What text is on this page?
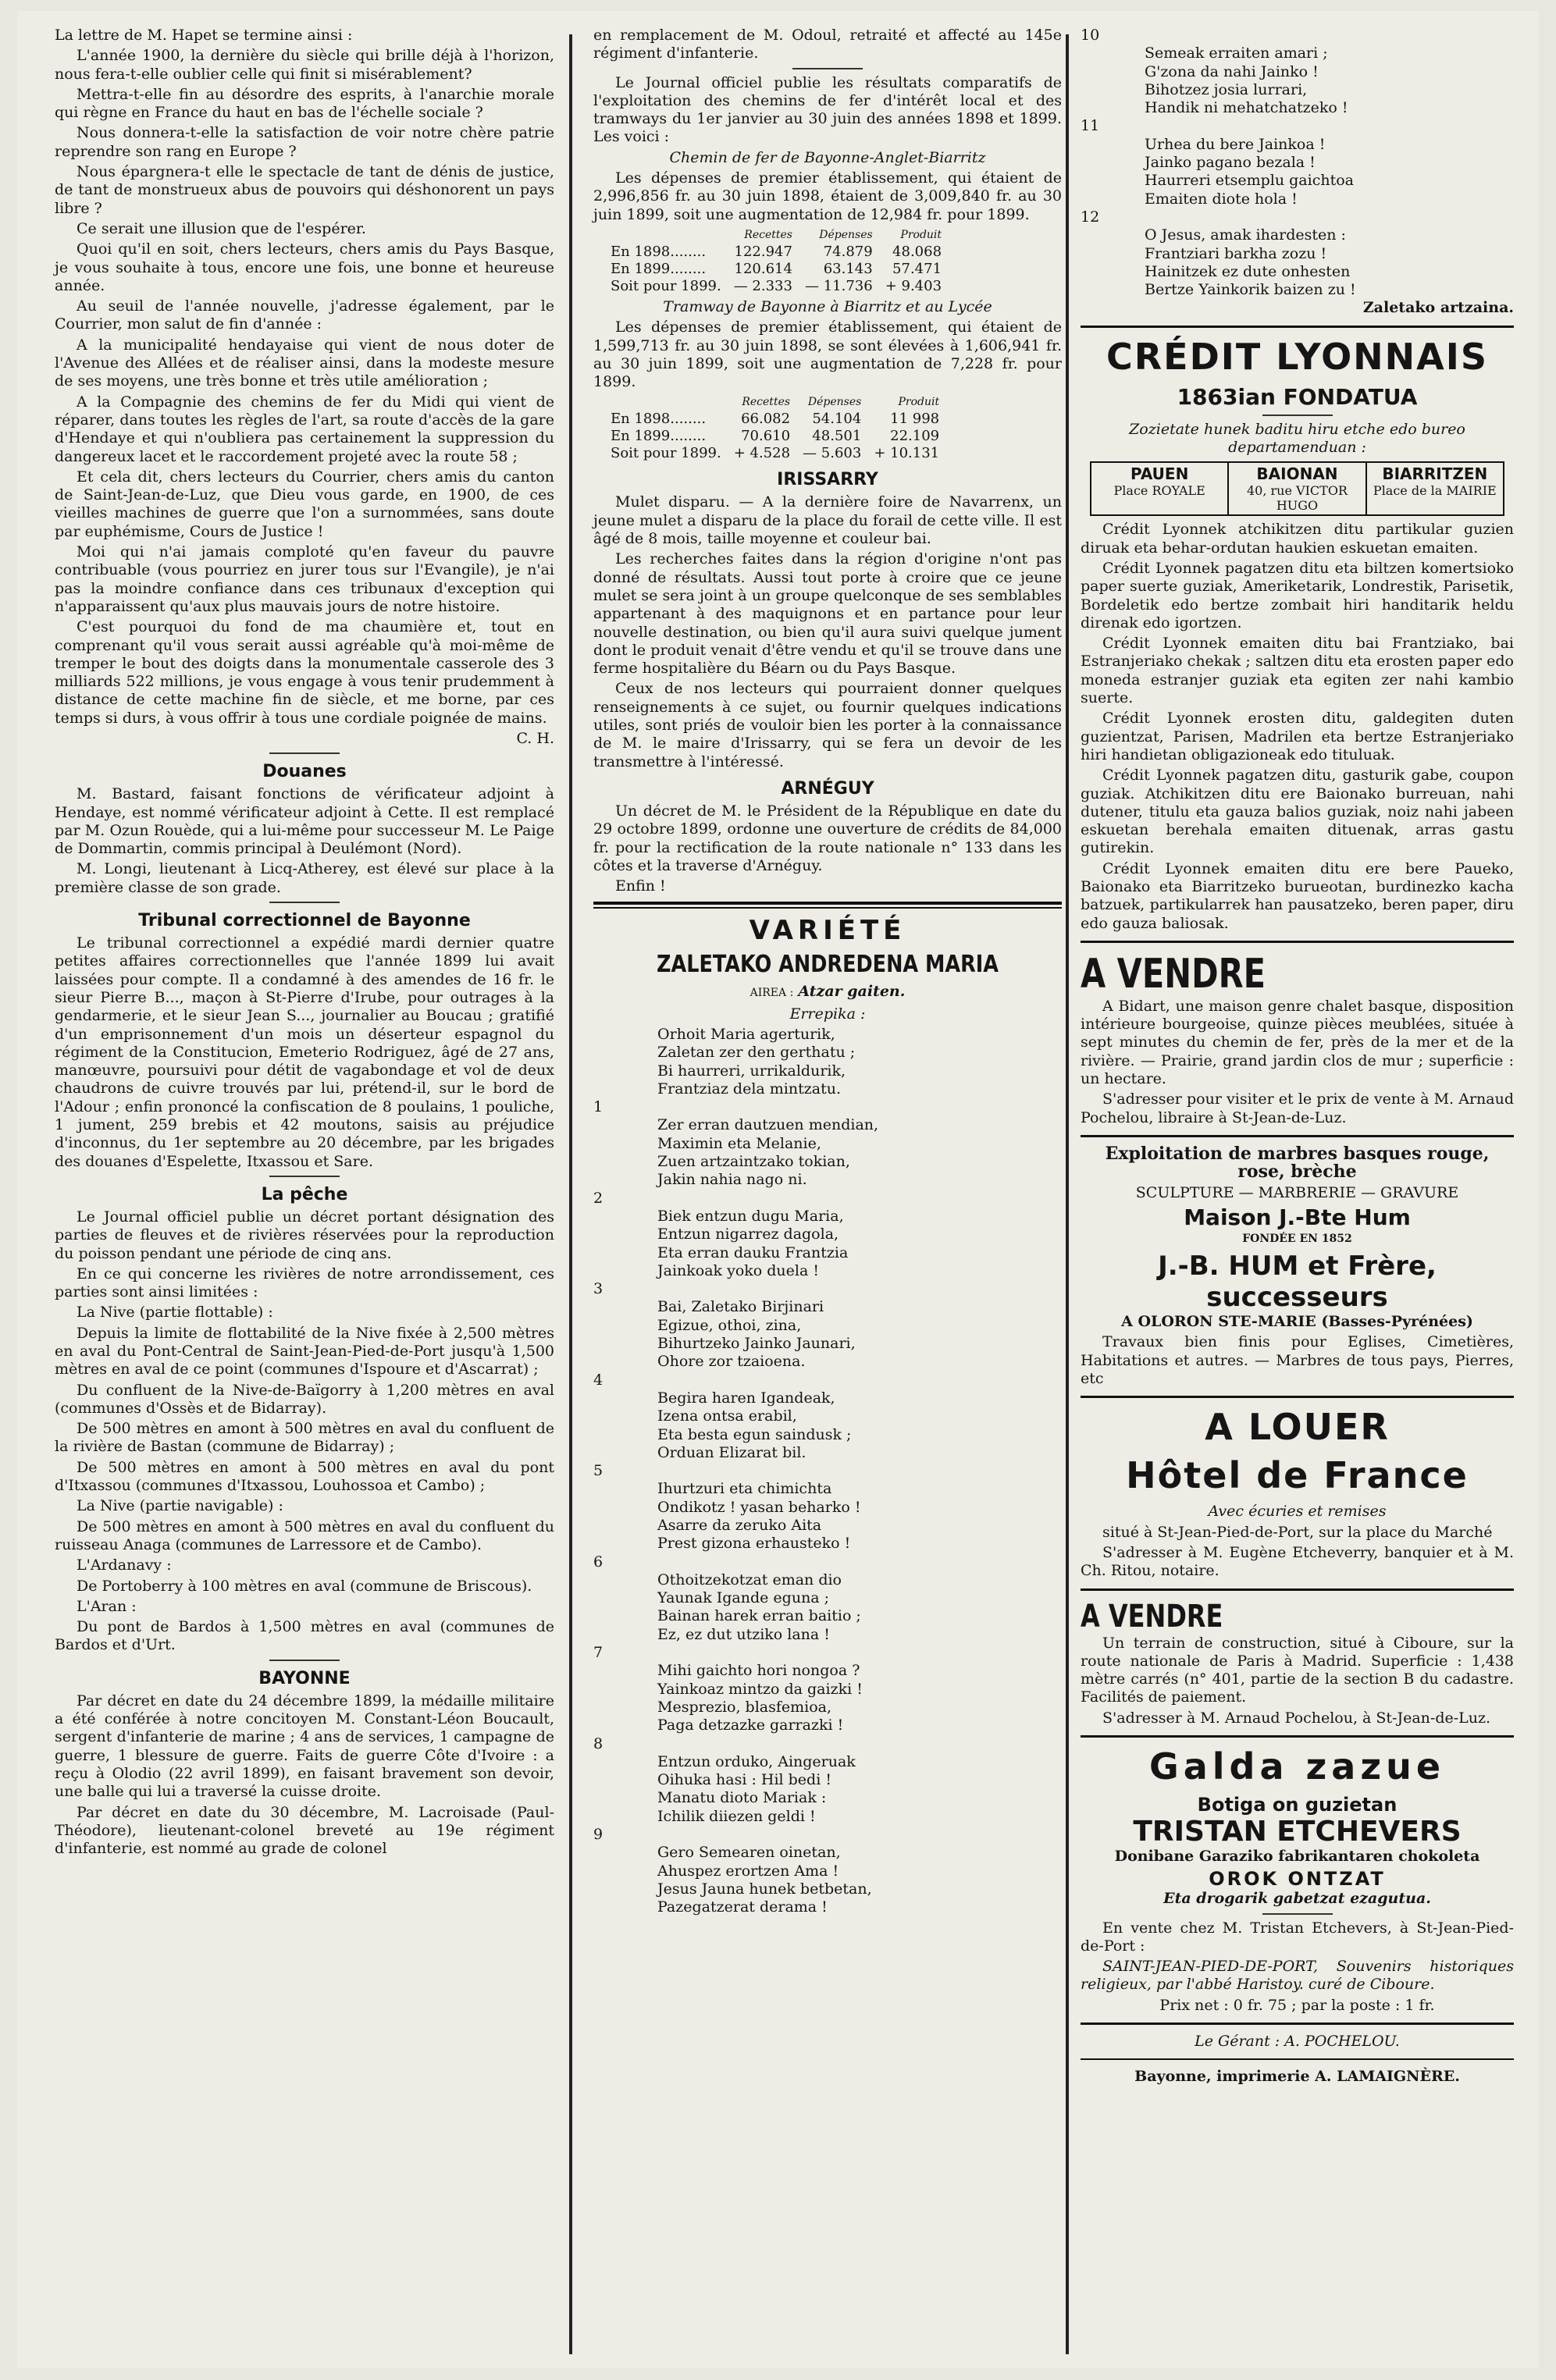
La lettre de M. Hapet se termine ainsi :

L'année 1900, la dernière du siècle qui brille déjà à l'horizon, nous fera-t-elle oublier celle qui finit si misérablement?

Mettra-t-elle fin au désordre des esprits, à l'anarchie morale qui règne en France du haut en bas de l'échelle sociale ?

Nous donnera-t-elle la satisfaction de voir notre chère patrie reprendre son rang en Europe ?

Nous épargnera-t elle le spectacle de tant de dénis de justice, de tant de monstrueux abus de pouvoirs qui déshonorent un pays libre ?

Ce serait une illusion que de l'espérer.

Quoi qu'il en soit, chers lecteurs, chers amis du Pays Basque, je vous souhaite à tous, encore une fois, une bonne et heureuse année.

Au seuil de l'année nouvelle, j'adresse également, par le Courrier, mon salut de fin d'année :

A la municipalité hendayaise qui vient de nous doter de l'Avenue des Allées et de réaliser ainsi, dans la modeste mesure de ses moyens, une très bonne et très utile amélioration ;

A la Compagnie des chemins de fer du Midi qui vient de réparer, dans toutes les règles de l'art, sa route d'accès de la gare d'Hendaye et qui n'oubliera pas certainement la suppression du dangereux lacet et le raccordement projeté avec la route 58 ;

Et cela dit, chers lecteurs du Courrier, chers amis du canton de Saint-Jean-de-Luz, que Dieu vous garde, en 1900, de ces vieilles machines de guerre que l'on a surnommées, sans doute par euphémisme, Cours de Justice !

Moi qui n'ai jamais comploté qu'en faveur du pauvre contribuable (vous pourriez en jurer tous sur l'Evangile), je n'ai pas la moindre confiance dans ces tribunaux d'exception qui n'apparaissent qu'aux plus mauvais jours de notre histoire.

C'est pourquoi du fond de ma chaumière et, tout en comprenant qu'il vous serait aussi agréable qu'à moi-même de tremper le bout des doigts dans la monumentale casserole des 3 milliards 522 millions, je vous engage à vous tenir prudemment à distance de cette machine fin de siècle, et me borne, par ces temps si durs, à vous offrir à tous une cordiale poignée de mains.

C. H.

Douanes

M. Bastard, faisant fonctions de vérificateur adjoint à Hendaye, est nommé vérificateur adjoint à Cette. Il est remplacé par M. Ozun Rouède, qui a lui-même pour successeur M. Le Paige de Dommartin, commis principal à Deulémont (Nord).

M. Longi, lieutenant à Licq-Atherey, est élevé sur place à la première classe de son grade.

Tribunal correctionnel de Bayonne

Le tribunal correctionnel a expédié mardi dernier quatre petites affaires correctionnelles que l'année 1899 lui avait laissées pour compte. Il a condamné à des amendes de 16 fr. le sieur Pierre B..., maçon à St-Pierre d'Irube, pour outrages à la gendarmerie, et le sieur Jean S..., journalier au Boucau ; gratifié d'un emprisonnement d'un mois un déserteur espagnol du régiment de la Constitucion, Emeterio Rodriguez, âgé de 27 ans, manœuvre, poursuivi pour détit de vagabondage et vol de deux chaudrons de cuivre trouvés par lui, prétend-il, sur le bord de l'Adour ; enfin prononcé la confiscation de 8 poulains, 1 pouliche, 1 jument, 259 brebis et 42 moutons, saisis au préjudice d'inconnus, du 1er septembre au 20 décembre, par les brigades des douanes d'Espelette, Itxassou et Sare.

La pêche

Le Journal officiel publie un décret portant désignation des parties de fleuves et de rivières réservées pour la reproduction du poisson pendant une période de cinq ans.

En ce qui concerne les rivières de notre arrondissement, ces parties sont ainsi limitées :

La Nive (partie flottable) :

Depuis la limite de flottabilité de la Nive fixée à 2,500 mètres en aval du Pont-Central de Saint-Jean-Pied-de-Port jusqu'à 1,500 mètres en aval de ce point (communes d'Ispoure et d'Ascarrat) ;

Du confluent de la Nive-de-Baïgorry à 1,200 mètres en aval (communes d'Ossès et de Bidarray).

De 500 mètres en amont à 500 mètres en aval du confluent de la rivière de Bastan (commune de Bidarray) ;

De 500 mètres en amont à 500 mètres en aval du pont d'Itxassou (communes d'Itxassou, Louhossoa et Cambo) ;

La Nive (partie navigable) :

De 500 mètres en amont à 500 mètres en aval du confluent du ruisseau Anaga (communes de Larressore et de Cambo).

L'Ardanavy :

De Portoberry à 100 mètres en aval (commune de Briscous).

L'Aran :

Du pont de Bardos à 1,500 mètres en aval (communes de Bardos et d'Urt.

BAYONNE

Par décret en date du 24 décembre 1899, la médaille militaire a été conférée à notre concitoyen M. Constant-Léon Boucault, sergent d'infanterie de marine ; 4 ans de services, 1 campagne de guerre, 1 blessure de guerre. Faits de guerre Côte d'Ivoire : a reçu à Olodio (22 avril 1899), en faisant bravement son devoir, une balle qui lui a traversé la cuisse droite.

Par décret en date du 30 décembre, M. Lacroisade (Paul-Théodore), lieutenant-colonel breveté au 19e régiment d'infanterie, est nommé au grade de colonel

en remplacement de M. Odoul, retraité et affecté au 145e régiment d'infanterie.

Le Journal officiel publie les résultats comparatifs de l'exploitation des chemins de fer d'intérêt local et des tramways du 1er janvier au 30 juin des années 1898 et 1899. Les voici :

Chemin de fer de Bayonne-Anglet-Biarritz

Les dépenses de premier établissement, qui étaient de 2,996,856 fr. au 30 juin 1898, étaient de 3,009,840 fr. au 30 juin 1899, soit une augmentation de 12,984 fr. pour 1899.

	Recettes	Dépenses	Produit
En 1898........	122.947	74.879	48.068
En 1899........	120.614	63.143	57.471
Soit pour 1899.	— 2.333	— 11.736	+ 9.403

Tramway de Bayonne à Biarritz et au Lycée

Les dépenses de premier établissement, qui étaient de 1,599,713 fr. au 30 juin 1898, se sont élevées à 1,606,941 fr. au 30 juin 1899, soit une augmentation de 7,228 fr. pour 1899.

	Recettes	Dépenses	Produit
En 1898........	66.082	54.104	11 998
En 1899........	70.610	48.501	22.109
Soit pour 1899.	+ 4.528	— 5.603	+ 10.131
IRISSARRY

Mulet disparu. — A la dernière foire de Navarrenx, un jeune mulet a disparu de la place du forail de cette ville. Il est âgé de 8 mois, taille moyenne et couleur bai.

Les recherches faites dans la région d'origine n'ont pas donné de résultats. Aussi tout porte à croire que ce jeune mulet se sera joint à un groupe quelconque de ses semblables appartenant à des maquignons et en partance pour leur nouvelle destination, ou bien qu'il aura suivi quelque jument dont le produit venait d'être vendu et qu'il se trouve dans une ferme hospitalière du Béarn ou du Pays Basque.

Ceux de nos lecteurs qui pourraient donner quelques renseignements à ce sujet, ou fournir quelques indications utiles, sont priés de vouloir bien les porter à la connaissance de M. le maire d'Irissarry, qui se fera un devoir de les transmettre à l'intéressé.

ARNÉGUY

Un décret de M. le Président de la République en date du 29 octobre 1899, ordonne une ouverture de crédits de 84,000 fr. pour la rectification de la route nationale n° 133 dans les côtes et la traverse d'Arnéguy.

Enfin !

VARIÉTÉ
ZALETAKO ANDREDENA MARIA

AIREA : Atzar gaiten.

Errepika :

Orhoit Maria agerturik,

Zaletan zer den gerthatu ;

Bi haurreri, urrikaldurik,

Frantziaz dela mintzatu.

1

Zer erran dautzuen mendian,

Maximin eta Melanie,

Zuen artzaintzako tokian,

Jakin nahia nago ni.

2

Biek entzun dugu Maria,

Entzun nigarrez dagola,

Eta erran dauku Frantzia

Jainkoak yoko duela !

3

Bai, Zaletako Birjinari

Egizue, othoi, zina,

Bihurtzeko Jainko Jaunari,

Ohore zor tzaioena.

4

Begira haren Igandeak,

Izena ontsa erabil,

Eta besta egun saindusk ;

Orduan Elizarat bil.

5

Ihurtzuri eta chimichta

Ondikotz ! yasan beharko !

Asarre da zeruko Aita

Prest gizona erhausteko !

6

Othoitzekotzat eman dio

Yaunak Igande eguna ;

Bainan harek erran baitio ;

Ez, ez dut utziko lana !

7

Mihi gaichto hori nongoa ?

Yainkoaz mintzo da gaizki !

Mesprezio, blasfemioa,

Paga detzazke garrazki !

8

Entzun orduko, Aingeruak

Oihuka hasi : Hil bedi !

Manatu dioto Mariak :

Ichilik diiezen geldi !

9

Gero Semearen oinetan,

Ahuspez erortzen Ama !

Jesus Jauna hunek betbetan,

Pazegatzerat derama !

10

Semeak erraiten amari ;

G'zona da nahi Jainko !

Bihotzez josia lurrari,

Handik ni mehatchatzeko !

11

Urhea du bere Jainkoa !

Jainko pagano bezala !

Haurreri etsemplu gaichtoa

Emaiten diote hola !

12

O Jesus, amak ihardesten :

Frantziari barkha zozu !

Hainitzek ez dute onhesten

Bertze Yainkorik baizen zu !

Zaletako artzaina.

CRÉDIT LYONNAIS
1863ian FONDATUA

Zozietate hunek baditu hiru etche edo bureo departamenduan :

PAUEN
Place ROYALE
BAIONAN
40, rue VICTOR HUGO
BIARRITZEN
Place de la MAIRIE

Crédit Lyonnek atchikitzen ditu partikular guzien diruak eta behar-ordutan haukien eskuetan emaiten.

Crédit Lyonnek pagatzen ditu eta biltzen komertsioko paper suerte guziak, Ameriketarik, Londrestik, Parisetik, Bordeletik edo bertze zombait hiri handitarik heldu direnak edo igortzen.

Crédit Lyonnek emaiten ditu bai Frantziako, bai Estranjeriako chekak ; saltzen ditu eta erosten paper edo moneda estranjer guziak eta egiten zer nahi kambio suerte.

Crédit Lyonnek erosten ditu, galdegiten duten guzientzat, Parisen, Madrilen eta bertze Estranjeriako hiri handietan obligazioneak edo tituluak.

Crédit Lyonnek pagatzen ditu, gasturik gabe, coupon guziak. Atchikitzen ditu ere Baionako burreuan, nahi dutener, titulu eta gauza balios guziak, noiz nahi jabeen eskuetan berehala emaiten dituenak, arras gastu gutirekin.

Crédit Lyonnek emaiten ditu ere bere Paueko, Baionako eta Biarritzeko burueotan, burdinezko kacha batzuek, partikularrek han pausatzeko, beren paper, diru edo gauza baliosak.

A VENDRE

A Bidart, une maison genre chalet basque, disposition intérieure bourgeoise, quinze pièces meublées, située à sept minutes du chemin de fer, près de la mer et de la rivière. — Prairie, grand jardin clos de mur ; superficie : un hectare.

S'adresser pour visiter et le prix de vente à M. Arnaud Pochelou, libraire à St-Jean-de-Luz.

Exploitation de marbres basques rouge, rose, brèche

SCULPTURE — MARBRERIE — GRAVURE

Maison J.-Bte Hum

FONDÉE EN 1852

J.-B. HUM et Frère, successeurs

A OLORON STE-MARIE (Basses-Pyrénées)

Travaux bien finis pour Eglises, Cimetières, Habitations et autres. — Marbres de tous pays, Pierres, etc

A LOUER
Hôtel de France

Avec écuries et remises

situé à St-Jean-Pied-de-Port, sur la place du Marché

S'adresser à M. Eugène Etcheverry, banquier et à M. Ch. Ritou, notaire.

A VENDRE

Un terrain de construction, situé à Ciboure, sur la route nationale de Paris à Madrid. Superficie : 1,438 mètre carrés (n° 401, partie de la section B du cadastre. Facilités de paiement.

S'adresser à M. Arnaud Pochelou, à St-Jean-de-Luz.

Galda zazue
Botiga on guzietan
TRISTAN ETCHEVERS

Donibane Garaziko fabrikantaren chokoleta

OROK ONTZAT

Eta drogarik gabetzat ezagutua.

En vente chez M. Tristan Etchevers, à St-Jean-Pied-de-Port :

SAINT-JEAN-PIED-DE-PORT, Souvenirs historiques religieux, par l'abbé Haristoy. curé de Ciboure.

Prix net : 0 fr. 75 ; par la poste : 1 fr.

Le Gérant : A. POCHELOU.

Bayonne, imprimerie A. LAMAIGNÈRE.
